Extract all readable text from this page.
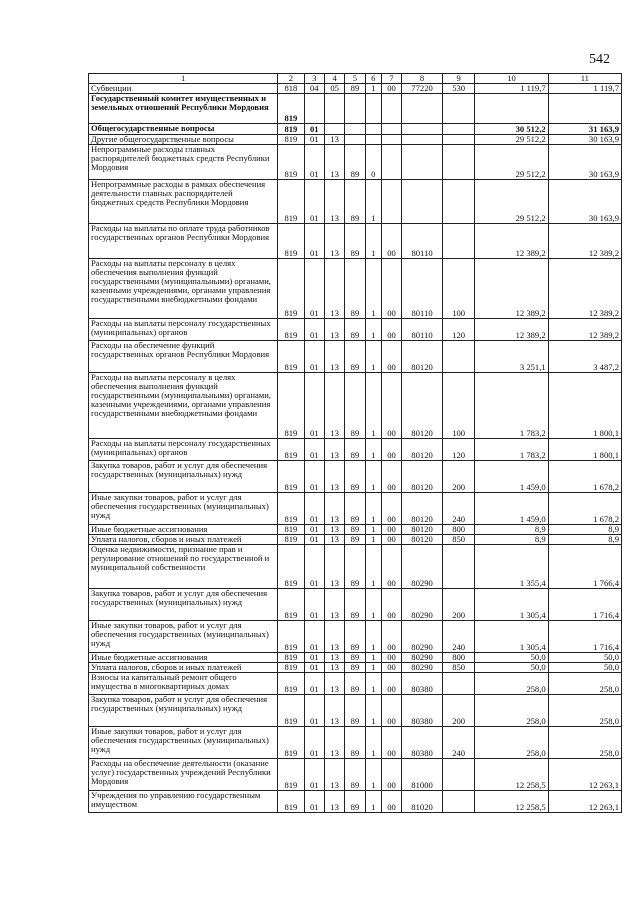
542
1	2	3	4	5	6	7	8	9	10	11
Субвенции	818	04	05	89	1	00	77220	530	1 119,7	1 119,7
Государственный комитет имущественных и земельных отношений Республики Мордовия	819									
Общегосударственные вопросы	819	01							30 512,2	31 163,9
Другие общегосударственные вопросы	819	01	13						29 512,2	30 163,9
Непрограммные расходы главных распорядителей бюджетных средств Республики Мордовия	819	01	13	89	0				29 512,2	30 163,9
Непрограммные расходы в рамках обеспечения деятельности главных распорядителей бюджетных средств Республики Мордовия	819	01	13	89	1				29 512,2	30 163,9
Расходы на выплаты по оплате труда работников государственных органов Республики Мордовия	819	01	13	89	1	00	80110		12 389,2	12 389,2
Расходы на выплаты персоналу в целях обеспечения выполнения функций государственными (муниципальными) органами, казенными учреждениями, органами управления государственными внебюджетными фондами	819	01	13	89	1	00	80110	100	12 389,2	12 389,2
Расходы на выплаты персоналу государственных (муниципальных) органов	819	01	13	89	1	00	80110	120	12 389,2	12 389,2
Расходы на обеспечение функций государственных органов Республики Мордовия	819	01	13	89	1	00	80120		3 251,1	3 487,2
Расходы на выплаты персоналу в целях обеспечения выполнения функций государственными (муниципальными) органами, казенными учреждениями, органами управления государственными внебюджетными фондами	819	01	13	89	1	00	80120	100	1 783,2	1 800,1
Расходы на выплаты персоналу государственных (муниципальных) органов	819	01	13	89	1	00	80120	120	1 783,2	1 800,1
Закупка товаров, работ и услуг для обеспечения государственных (муниципальных) нужд	819	01	13	89	1	00	80120	200	1 459,0	1 678,2
Иные закупки товаров, работ и услуг для обеспечения государственных (муниципальных) нужд	819	01	13	89	1	00	80120	240	1 459,0	1 678,2
Иные бюджетные ассигнования	819	01	13	89	1	00	80120	800	8,9	8,9
Уплата налогов, сборов и иных платежей	819	01	13	89	1	00	80120	850	8,9	8,9
Оценка недвижимости, признание прав и регулирование отношений по государственной и муниципальной собственности	819	01	13	89	1	00	80290		1 355,4	1 766,4
Закупка товаров, работ и услуг для обеспечения государственных (муниципальных) нужд	819	01	13	89	1	00	80290	200	1 305,4	1 716,4
Иные закупки товаров, работ и услуг для обеспечения государственных (муниципальных) нужд	819	01	13	89	1	00	80290	240	1 305,4	1 716,4
Иные бюджетные ассигнования	819	01	13	89	1	00	80290	800	50,0	50,0
Уплата налогов, сборов и иных платежей	819	01	13	89	1	00	80290	850	50,0	50,0
Взносы на капитальный ремонт общего имущества в многоквартирных домах	819	01	13	89	1	00	80380		258,0	258,0
Закупка товаров, работ и услуг для обеспечения государственных (муниципальных) нужд	819	01	13	89	1	00	80380	200	258,0	258,0
Иные закупки товаров, работ и услуг для обеспечения государственных (муниципальных) нужд	819	01	13	89	1	00	80380	240	258,0	258,0
Расходы на обеспечение деятельности (оказание услуг) государственных учреждений Республики Мордовия	819	01	13	89	1	00	81000		12 258,5	12 263,1
Учреждения по управлению государственным имуществом	819	01	13	89	1	00	81020		12 258,5	12 263,1
